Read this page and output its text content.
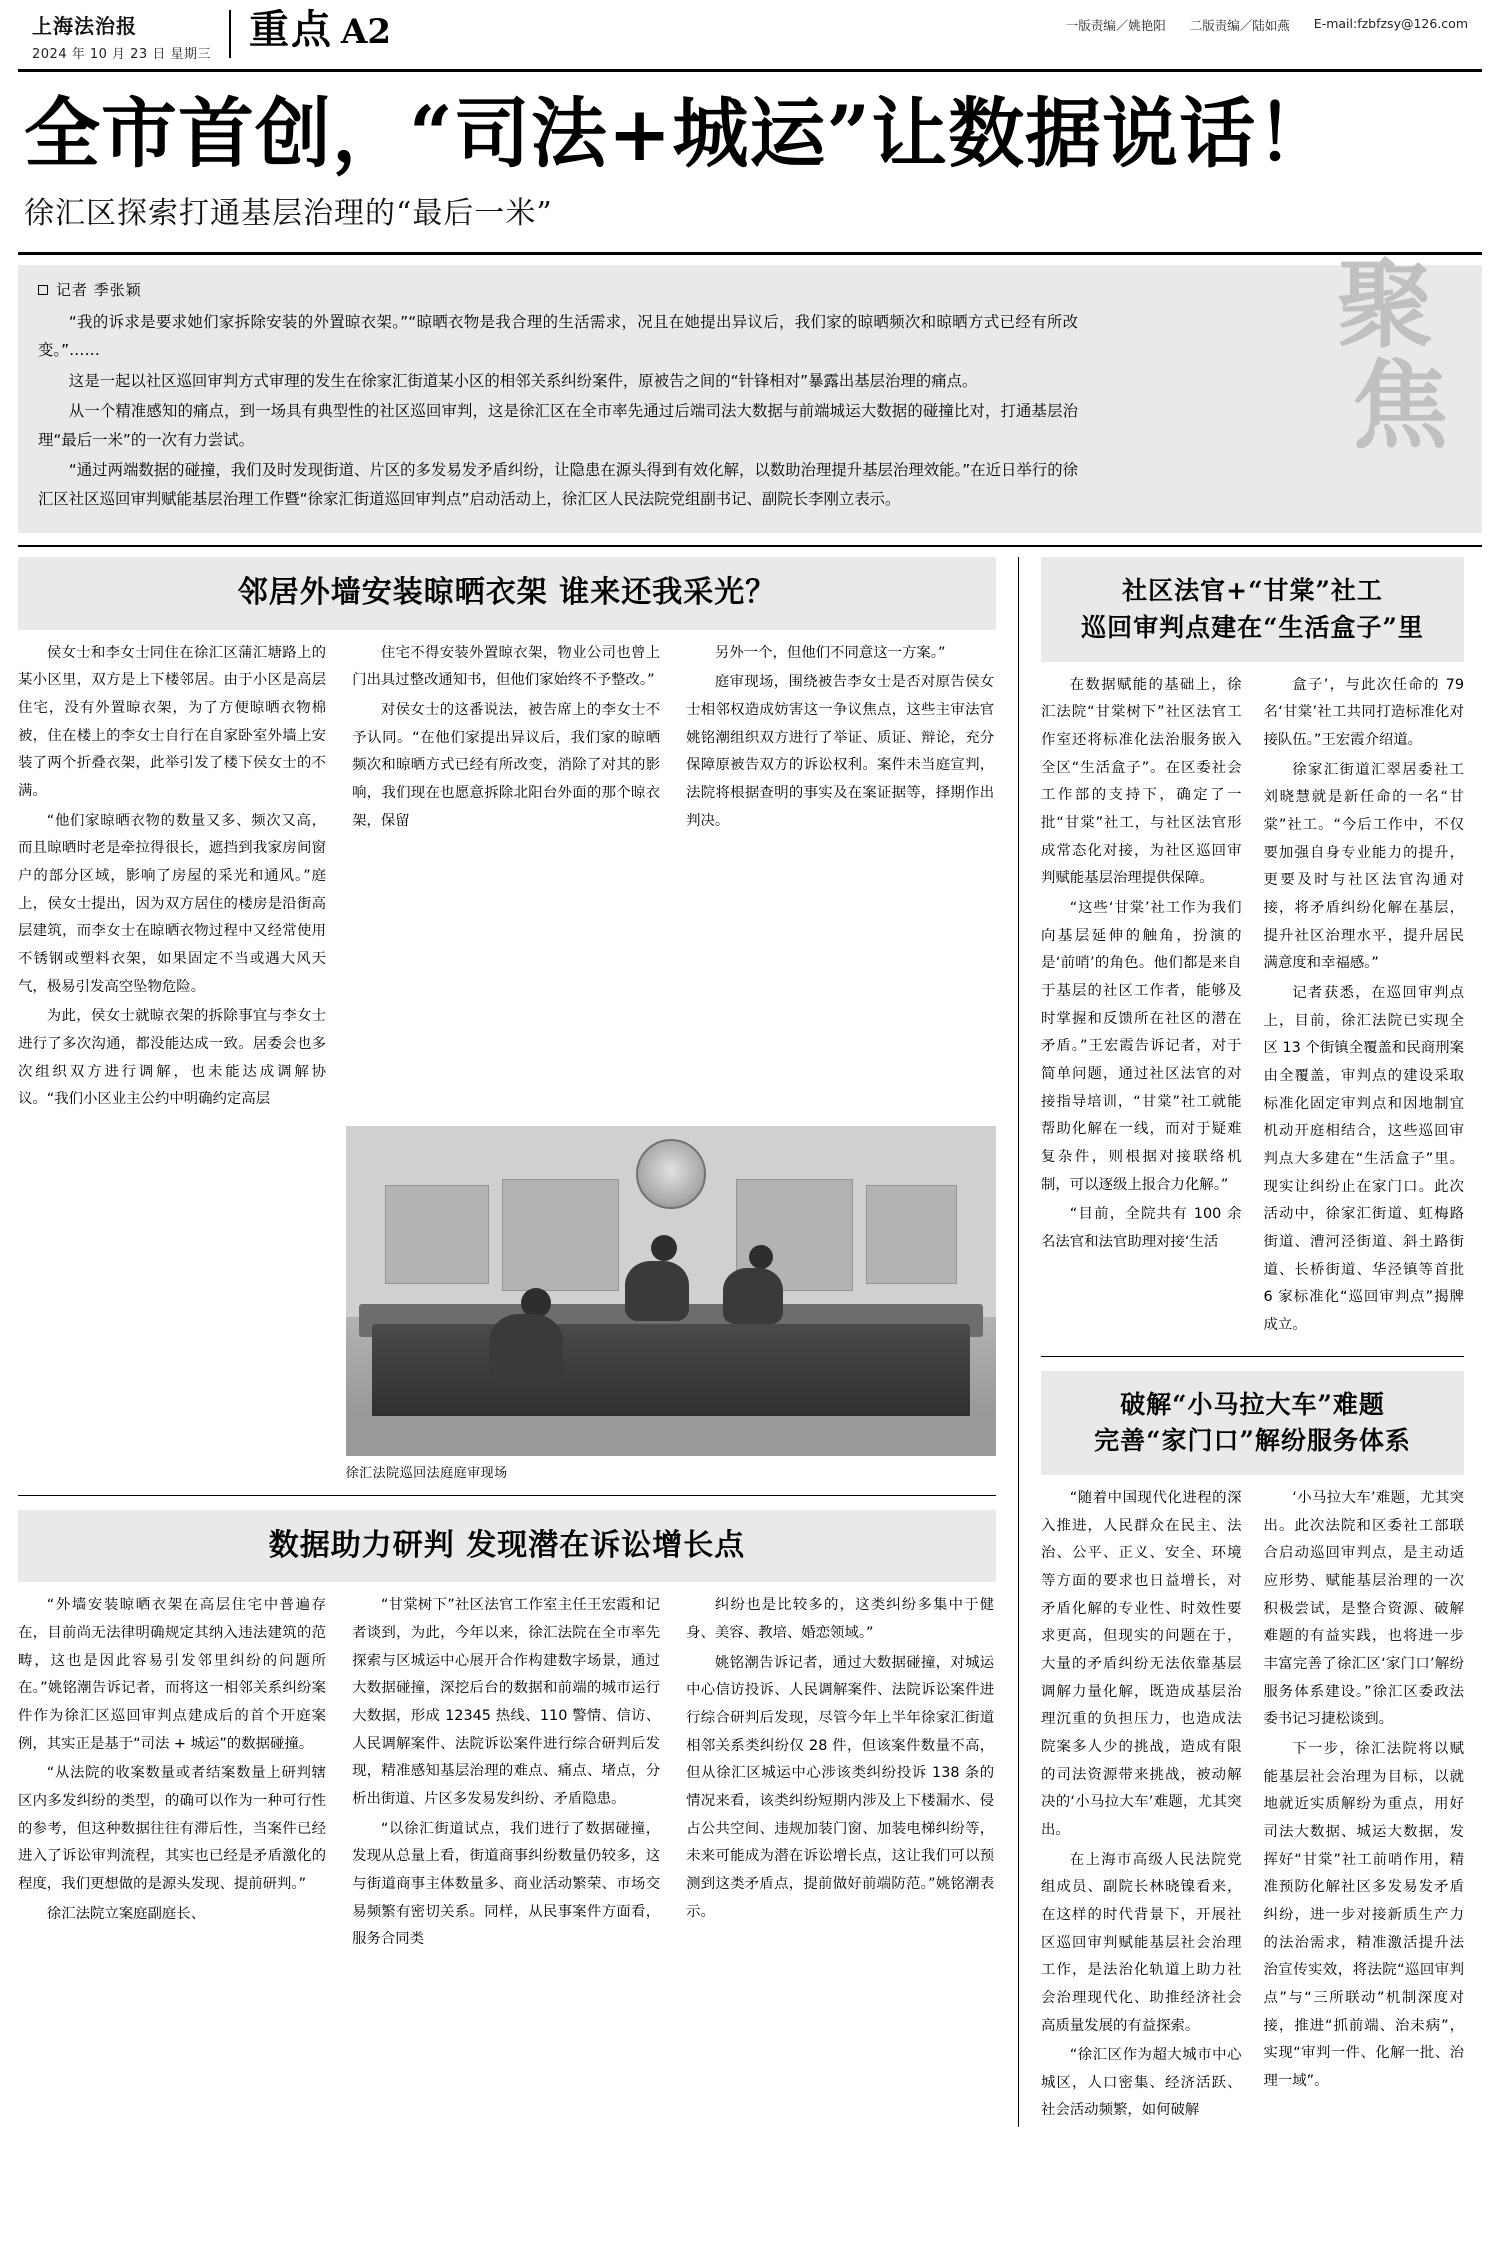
上海法治报
2024 年 10 月 23 日 星期三
重点 A2	一版责编／姚艳阳 二版责编／陆如燕 E-mail:fzbfzsy@126.com
全市首创，“司法+城运”让数据说话！
徐汇区探索打通基层治理的“最后一米”
记者 季张颖

“我的诉求是要求她们家拆除安装的外置晾衣架。”“晾晒衣物是我合理的生活需求，况且在她提出异议后，我们家的晾晒频次和晾晒方式已经有所改变。”……

这是一起以社区巡回审判方式审理的发生在徐家汇街道某小区的相邻关系纠纷案件，原被告之间的“针锋相对”暴露出基层治理的痛点。

从一个精准感知的痛点，到一场具有典型性的社区巡回审判，这是徐汇区在全市率先通过后端司法大数据与前端城运大数据的碰撞比对，打通基层治理“最后一米”的一次有力尝试。

“通过两端数据的碰撞，我们及时发现街道、片区的多发易发矛盾纠纷，让隐患在源头得到有效化解，以数助治理提升基层治理效能。”在近日举行的徐汇区社区巡回审判赋能基层治理工作暨“徐家汇街道巡回审判点”启动活动上，徐汇区人民法院党组副书记、副院长李刚立表示。

聚
焦
邻居外墙安装晾晒衣架 谁来还我采光？

侯女士和李女士同住在徐汇区蒲汇塘路上的某小区里，双方是上下楼邻居。由于小区是高层住宅，没有外置晾衣架，为了方便晾晒衣物棉被，住在楼上的李女士自行在自家卧室外墙上安装了两个折叠衣架，此举引发了楼下侯女士的不满。

“他们家晾晒衣物的数量又多、频次又高，而且晾晒时老是牵拉得很长，遮挡到我家房间窗户的部分区域，影响了房屋的采光和通风。”庭上，侯女士提出，因为双方居住的楼房是沿街高层建筑，而李女士在晾晒衣物过程中又经常使用不锈钢或塑料衣架，如果固定不当或遇大风天气，极易引发高空坠物危险。

为此，侯女士就晾衣架的拆除事宜与李女士进行了多次沟通，都没能达成一致。居委会也多次组织双方进行调解，也未能达成调解协议。“我们小区业主公约中明确约定高层

住宅不得安装外置晾衣架，物业公司也曾上门出具过整改通知书，但他们家始终不予整改。”

对侯女士的这番说法，被告席上的李女士不予认同。“在他们家提出异议后，我们家的晾晒频次和晾晒方式已经有所改变，消除了对其的影响，我们现在也愿意拆除北阳台外面的那个晾衣架，保留

另外一个，但他们不同意这一方案。”

庭审现场，围绕被告李女士是否对原告侯女士相邻权造成妨害这一争议焦点，这些主审法官姚铭潮组织双方进行了举证、质证、辩论，充分保障原被告双方的诉讼权利。案件未当庭宣判，法院将根据查明的事实及在案证据等，择期作出判决。

徐汇法院巡回法庭庭审现场
数据助力研判 发现潜在诉讼增长点

“外墙安装晾晒衣架在高层住宅中普遍存在，目前尚无法律明确规定其纳入违法建筑的范畴，这也是因此容易引发邻里纠纷的问题所在。”姚铭潮告诉记者，而将这一相邻关系纠纷案件作为徐汇区巡回审判点建成后的首个开庭案例，其实正是基于“司法 + 城运”的数据碰撞。

“从法院的收案数量或者结案数量上研判辖区内多发纠纷的类型，的确可以作为一种可行性的参考，但这种数据往往有滞后性，当案件已经进入了诉讼审判流程，其实也已经是矛盾激化的程度，我们更想做的是源头发现、提前研判。”

徐汇法院立案庭副庭长、

“甘棠树下”社区法官工作室主任王宏霞和记者谈到，为此，今年以来，徐汇法院在全市率先探索与区城运中心展开合作构建数字场景，通过大数据碰撞，深挖后台的数据和前端的城市运行大数据，形成 12345 热线、110 警情、信访、人民调解案件、法院诉讼案件进行综合研判后发现，精准感知基层治理的难点、痛点、堵点，分析出街道、片区多发易发纠纷、矛盾隐患。

“以徐汇街道试点，我们进行了数据碰撞，发现从总量上看，街道商事纠纷数量仍较多，这与街道商事主体数量多、商业活动繁荣、市场交易频繁有密切关系。同样，从民事案件方面看，服务合同类

纠纷也是比较多的，这类纠纷多集中于健身、美容、教培、婚恋领域。”

姚铭潮告诉记者，通过大数据碰撞，对城运中心信访投诉、人民调解案件、法院诉讼案件进行综合研判后发现，尽管今年上半年徐家汇街道相邻关系类纠纷仅 28 件，但该案件数量不高，但从徐汇区城运中心涉该类纠纷投诉 138 条的情况来看，该类纠纷短期内涉及上下楼漏水、侵占公共空间、违规加装门窗、加装电梯纠纷等，未来可能成为潜在诉讼增长点，这让我们可以预测到这类矛盾点，提前做好前端防范。”姚铭潮表示。

社区法官+“甘棠”社工
巡回审判点建在“生活盒子”里

在数据赋能的基础上，徐汇法院“甘棠树下”社区法官工作室还将标准化法治服务嵌入全区“生活盒子”。在区委社会工作部的支持下，确定了一批“甘棠”社工，与社区法官形成常态化对接，为社区巡回审判赋能基层治理提供保障。

“这些‘甘棠’社工作为我们向基层延伸的触角，扮演的是‘前哨’的角色。他们都是来自于基层的社区工作者，能够及时掌握和反馈所在社区的潜在矛盾。”王宏霞告诉记者，对于简单问题，通过社区法官的对接指导培训，“甘棠”社工就能帮助化解在一线，而对于疑难复杂件，则根据对接联络机制，可以逐级上报合力化解。”

“目前，全院共有 100 余名法官和法官助理对接‘生活

盒子’，与此次任命的 79 名‘甘棠’社工共同打造标准化对接队伍。”王宏霞介绍道。

徐家汇街道汇翠居委社工刘晓慧就是新任命的一名“甘棠”社工。“今后工作中，不仅要加强自身专业能力的提升，更要及时与社区法官沟通对接，将矛盾纠纷化解在基层，提升社区治理水平，提升居民满意度和幸福感。”

记者获悉，在巡回审判点上，目前，徐汇法院已实现全区 13 个街镇全覆盖和民商刑案由全覆盖，审判点的建设采取标准化固定审判点和因地制宜机动开庭相结合，这些巡回审判点大多建在“生活盒子”里。现实让纠纷止在家门口。此次活动中，徐家汇街道、虹梅路街道、漕河泾街道、斜土路街道、长桥街道、华泾镇等首批 6 家标准化“巡回审判点”揭牌成立。

破解“小马拉大车”难题
完善“家门口”解纷服务体系

“随着中国现代化进程的深入推进，人民群众在民主、法治、公平、正义、安全、环境等方面的要求也日益增长，对矛盾化解的专业性、时效性要求更高，但现实的问题在于，大量的矛盾纠纷无法依靠基层调解力量化解，既造成基层治理沉重的负担压力，也造成法院案多人少的挑战，造成有限的司法资源带来挑战，被动解决的‘小马拉大车’难题，尤其突出。

在上海市高级人民法院党组成员、副院长林晓镍看来，在这样的时代背景下，开展社区巡回审判赋能基层社会治理工作，是法治化轨道上助力社会治理现代化、助推经济社会高质量发展的有益探索。

“徐汇区作为超大城市中心城区，人口密集、经济活跃、社会活动频繁，如何破解

‘小马拉大车’难题，尤其突出。此次法院和区委社工部联合启动巡回审判点，是主动适应形势、赋能基层治理的一次积极尝试，是整合资源、破解难题的有益实践，也将进一步丰富完善了徐汇区‘家门口’解纷服务体系建设。”徐汇区委政法委书记习捷松谈到。

下一步，徐汇法院将以赋能基层社会治理为目标，以就地就近实质解纷为重点，用好司法大数据、城运大数据，发挥好“甘棠”社工前哨作用，精准预防化解社区多发易发矛盾纠纷，进一步对接新质生产力的法治需求，精准激活提升法治宣传实效，将法院“巡回审判点”与“三所联动”机制深度对接，推进“抓前端、治未病”，实现“审判一件、化解一批、治理一域”。
